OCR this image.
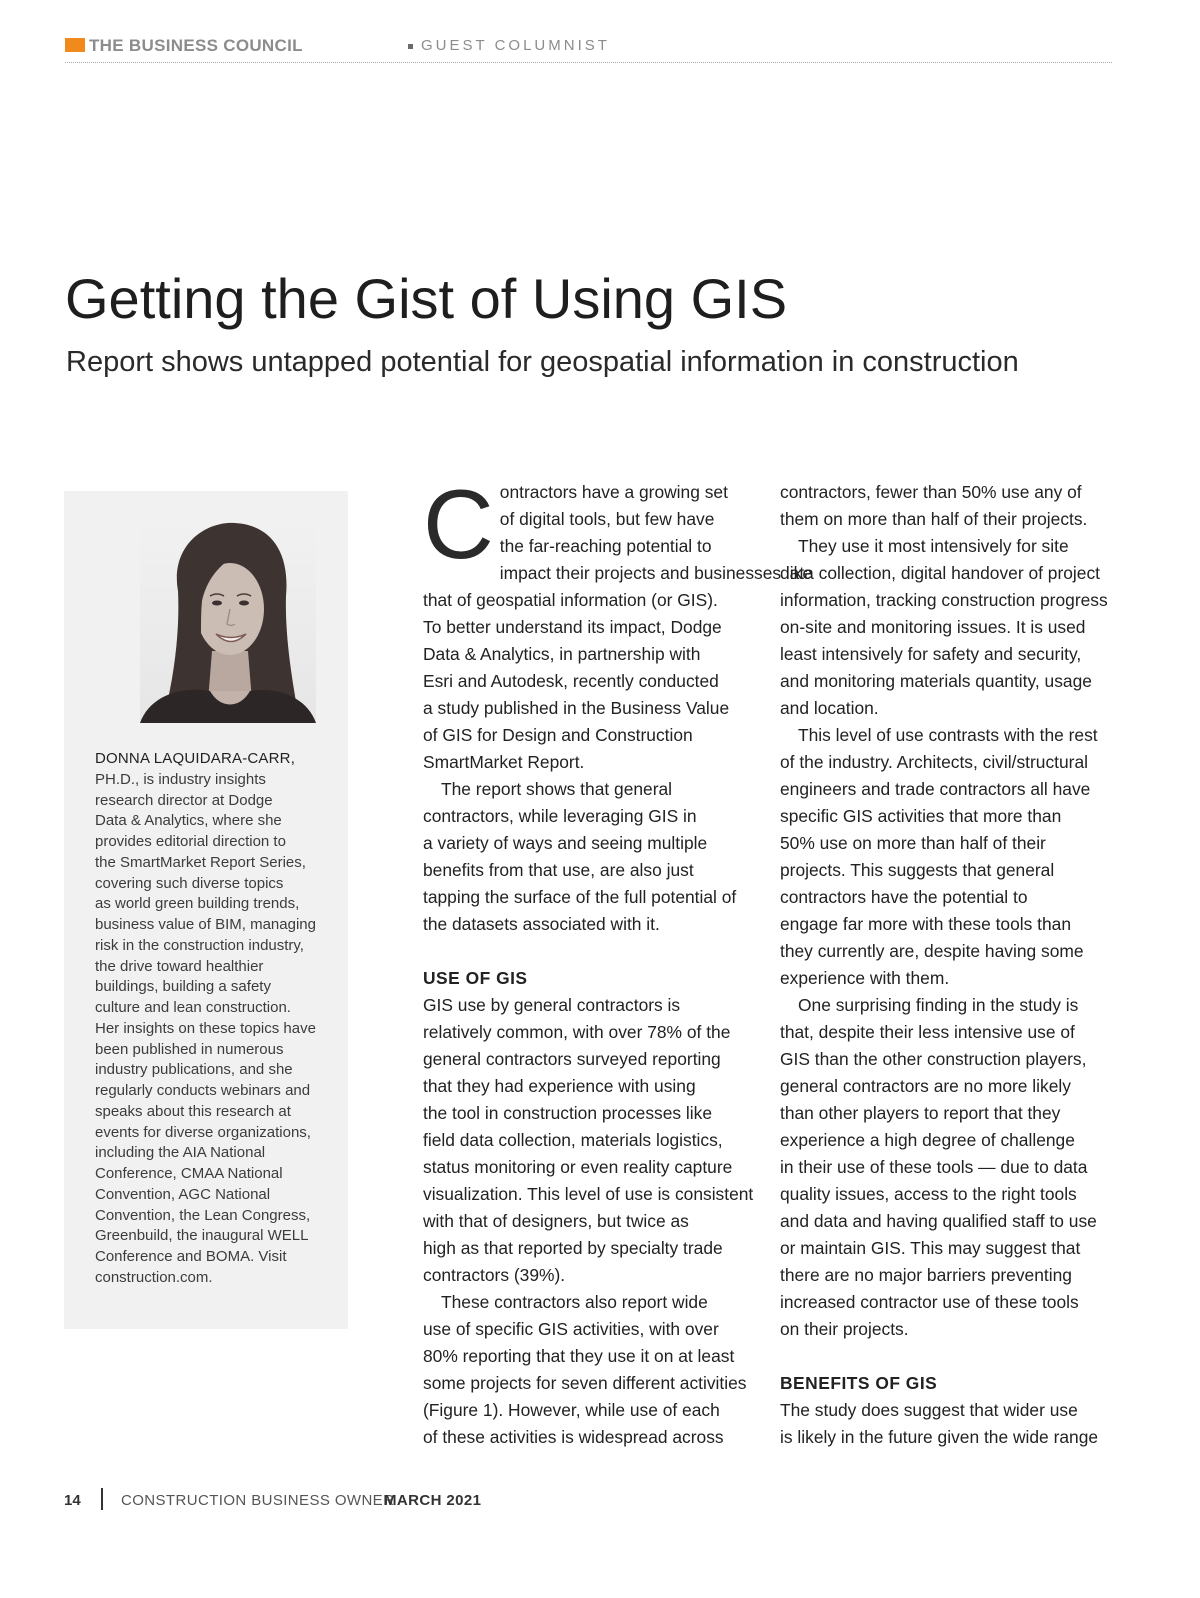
THE BUSINESS COUNCIL	GUEST COLUMNIST
Getting the Gist of Using GIS
Report shows untapped potential for geospatial information in construction
DONNA LAQUIDARA-CARR,
PH.D., is industry insights
research director at Dodge
Data & Analytics, where she
provides editorial direction to
the SmartMarket Report Series,
covering such diverse topics
as world green building trends,
business value of BIM, managing
risk in the construction industry,
the drive toward healthier
buildings, building a safety
culture and lean construction.
Her insights on these topics have
been published in numerous
industry publications, and she
regularly conducts webinars and
speaks about this research at
events for diverse organizations,
including the AIA National
Conference, CMAA National
Convention, AGC National
Convention, the Lean Congress,
Greenbuild, the inaugural WELL
Conference and BOMA. Visit
construction.com.
C ontractors have a growing set

of digital tools, but few have

the far-reaching potential to

impact their projects and businesses like

that of geospatial information (or GIS).

To better understand its impact, Dodge

Data & Analytics, in partnership with

Esri and Autodesk, recently conducted

a study published in the Business Value

of GIS for Design and Construction

SmartMarket Report.

The report shows that general

contractors, while leveraging GIS in

a variety of ways and seeing multiple

benefits from that use, are also just

tapping the surface of the full potential of

the datasets associated with it.

USE OF GIS

GIS use by general contractors is

relatively common, with over 78% of the

general contractors surveyed reporting

that they had experience with using

the tool in construction processes like

field data collection, materials logistics,

status monitoring or even reality capture

visualization. This level of use is consistent

with that of designers, but twice as

high as that reported by specialty trade

contractors (39%).

These contractors also report wide

use of specific GIS activities, with over

80% reporting that they use it on at least

some projects for seven different activities

(Figure 1). However, while use of each

of these activities is widespread across

contractors, fewer than 50% use any of

them on more than half of their projects.

They use it most intensively for site

data collection, digital handover of project

information, tracking construction progress

on-site and monitoring issues. It is used

least intensively for safety and security,

and monitoring materials quantity, usage

and location.

This level of use contrasts with the rest

of the industry. Architects, civil/structural

engineers and trade contractors all have

specific GIS activities that more than

50% use on more than half of their

projects. This suggests that general

contractors have the potential to

engage far more with these tools than

they currently are, despite having some

experience with them.

One surprising finding in the study is

that, despite their less intensive use of

GIS than the other construction players,

general contractors are no more likely

than other players to report that they

experience a high degree of challenge

in their use of these tools — due to data

quality issues, access to the right tools

and data and having qualified staff to use

or maintain GIS. This may suggest that

there are no major barriers preventing

increased contractor use of these tools

on their projects.

BENEFITS OF GIS

The study does suggest that wider use

is likely in the future given the wide range

14	CONSTRUCTION BUSINESS OWNER
MARCH 2021
